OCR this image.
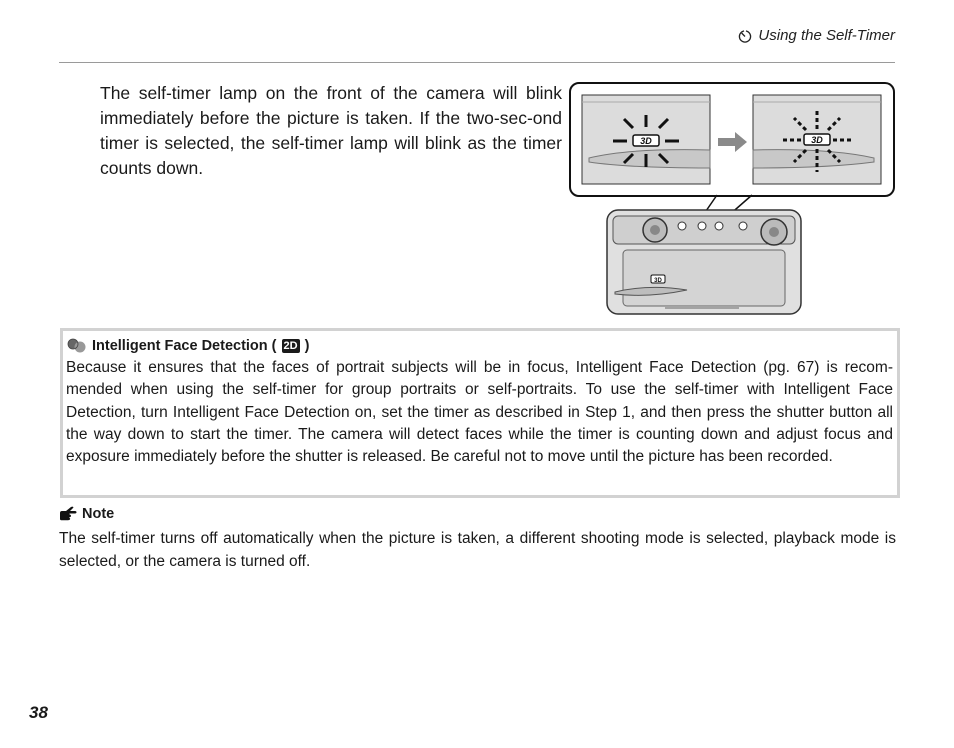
Using the Self-Timer

The self-timer lamp on the front of the camera will blink immediately before the picture is taken. If the two-sec-ond timer is selected, the self-timer lamp will blink as the timer counts down.

3D	3D
3D
Intelligent Face Detection ( 2D )

Because it ensures that the faces of portrait subjects will be in focus, Intelligent Face Detection (pg. 67) is recom-mended when using the self-timer for group portraits or self-portraits. To use the self-timer with Intelligent Face Detection, turn Intelligent Face Detection on, set the timer as described in Step 1, and then press the shutter button all the way down to start the timer. The camera will detect faces while the timer is counting down and adjust focus and exposure immediately before the shutter is released. Be careful not to move until the picture has been recorded.

Note

The self-timer turns off automatically when the picture is taken, a different shooting mode is selected, playback mode is selected, or the camera is turned off.

38
